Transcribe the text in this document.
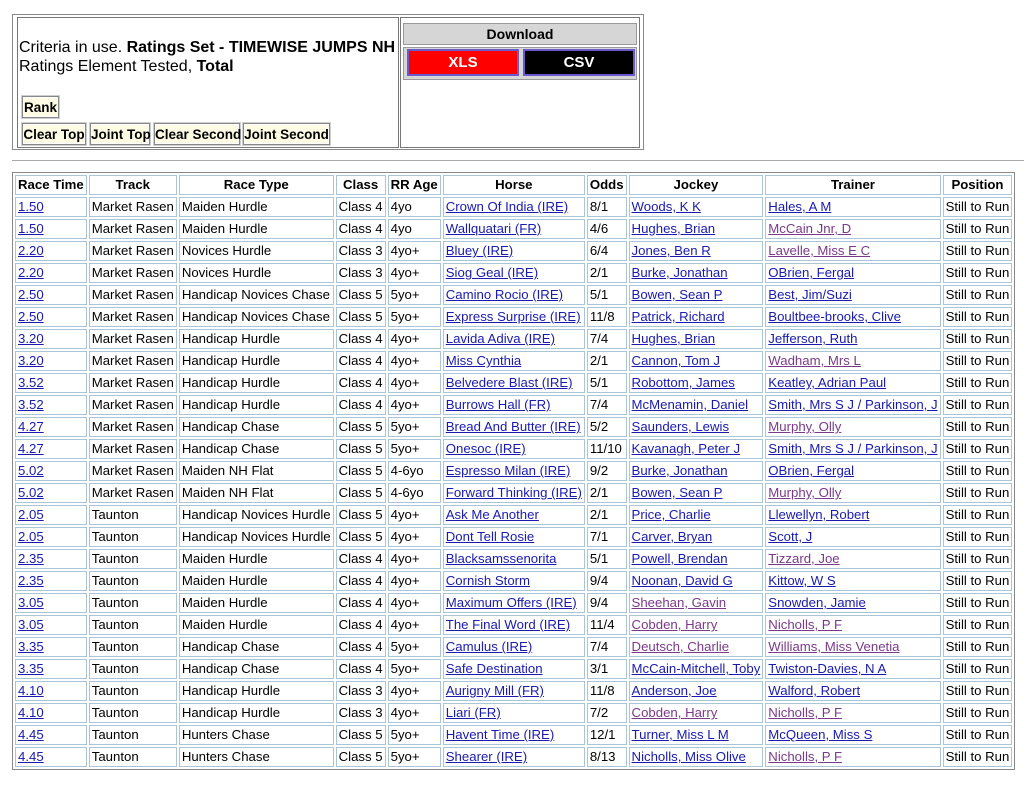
Criteria in use. Ratings Set - TIMEWISE JUMPS NH
Ratings Element Tested, Total
Rank
Clear Top Joint Top Clear Second Joint Second
Download
XLS	CSV
Race Time	Track	Race Type	Class	RR Age	Horse	Odds	Jockey	Trainer	Position
1.50	Market Rasen	Maiden Hurdle	Class 4	4yo	Crown Of India (IRE)	8/1	Woods, K K	Hales, A M	Still to Run
1.50	Market Rasen	Maiden Hurdle	Class 4	4yo	Wallquatari (FR)	4/6	Hughes, Brian	McCain Jnr, D	Still to Run
2.20	Market Rasen	Novices Hurdle	Class 3	4yo+	Bluey (IRE)	6/4	Jones, Ben R	Lavelle, Miss E C	Still to Run
2.20	Market Rasen	Novices Hurdle	Class 3	4yo+	Siog Geal (IRE)	2/1	Burke, Jonathan	OBrien, Fergal	Still to Run
2.50	Market Rasen	Handicap Novices Chase	Class 5	5yo+	Camino Rocio (IRE)	5/1	Bowen, Sean P	Best, Jim/Suzi	Still to Run
2.50	Market Rasen	Handicap Novices Chase	Class 5	5yo+	Express Surprise (IRE)	11/8	Patrick, Richard	Boultbee-brooks, Clive	Still to Run
3.20	Market Rasen	Handicap Hurdle	Class 4	4yo+	Lavida Adiva (IRE)	7/4	Hughes, Brian	Jefferson, Ruth	Still to Run
3.20	Market Rasen	Handicap Hurdle	Class 4	4yo+	Miss Cynthia	2/1	Cannon, Tom J	Wadham, Mrs L	Still to Run
3.52	Market Rasen	Handicap Hurdle	Class 4	4yo+	Belvedere Blast (IRE)	5/1	Robottom, James	Keatley, Adrian Paul	Still to Run
3.52	Market Rasen	Handicap Hurdle	Class 4	4yo+	Burrows Hall (FR)	7/4	McMenamin, Daniel	Smith, Mrs S J / Parkinson, J	Still to Run
4.27	Market Rasen	Handicap Chase	Class 5	5yo+	Bread And Butter (IRE)	5/2	Saunders, Lewis	Murphy, Olly	Still to Run
4.27	Market Rasen	Handicap Chase	Class 5	5yo+	Onesoc (IRE)	11/10	Kavanagh, Peter J	Smith, Mrs S J / Parkinson, J	Still to Run
5.02	Market Rasen	Maiden NH Flat	Class 5	4-6yo	Espresso Milan (IRE)	9/2	Burke, Jonathan	OBrien, Fergal	Still to Run
5.02	Market Rasen	Maiden NH Flat	Class 5	4-6yo	Forward Thinking (IRE)	2/1	Bowen, Sean P	Murphy, Olly	Still to Run
2.05	Taunton	Handicap Novices Hurdle	Class 5	4yo+	Ask Me Another	2/1	Price, Charlie	Llewellyn, Robert	Still to Run
2.05	Taunton	Handicap Novices Hurdle	Class 5	4yo+	Dont Tell Rosie	7/1	Carver, Bryan	Scott, J	Still to Run
2.35	Taunton	Maiden Hurdle	Class 4	4yo+	Blacksamssenorita	5/1	Powell, Brendan	Tizzard, Joe	Still to Run
2.35	Taunton	Maiden Hurdle	Class 4	4yo+	Cornish Storm	9/4	Noonan, David G	Kittow, W S	Still to Run
3.05	Taunton	Maiden Hurdle	Class 4	4yo+	Maximum Offers (IRE)	9/4	Sheehan, Gavin	Snowden, Jamie	Still to Run
3.05	Taunton	Maiden Hurdle	Class 4	4yo+	The Final Word (IRE)	11/4	Cobden, Harry	Nicholls, P F	Still to Run
3.35	Taunton	Handicap Chase	Class 4	5yo+	Camulus (IRE)	7/4	Deutsch, Charlie	Williams, Miss Venetia	Still to Run
3.35	Taunton	Handicap Chase	Class 4	5yo+	Safe Destination	3/1	McCain-Mitchell, Toby	Twiston-Davies, N A	Still to Run
4.10	Taunton	Handicap Hurdle	Class 3	4yo+	Aurigny Mill (FR)	11/8	Anderson, Joe	Walford, Robert	Still to Run
4.10	Taunton	Handicap Hurdle	Class 3	4yo+	Liari (FR)	7/2	Cobden, Harry	Nicholls, P F	Still to Run
4.45	Taunton	Hunters Chase	Class 5	5yo+	Havent Time (IRE)	12/1	Turner, Miss L M	McQueen, Miss S	Still to Run
4.45	Taunton	Hunters Chase	Class 5	5yo+	Shearer (IRE)	8/13	Nicholls, Miss Olive	Nicholls, P F	Still to Run
